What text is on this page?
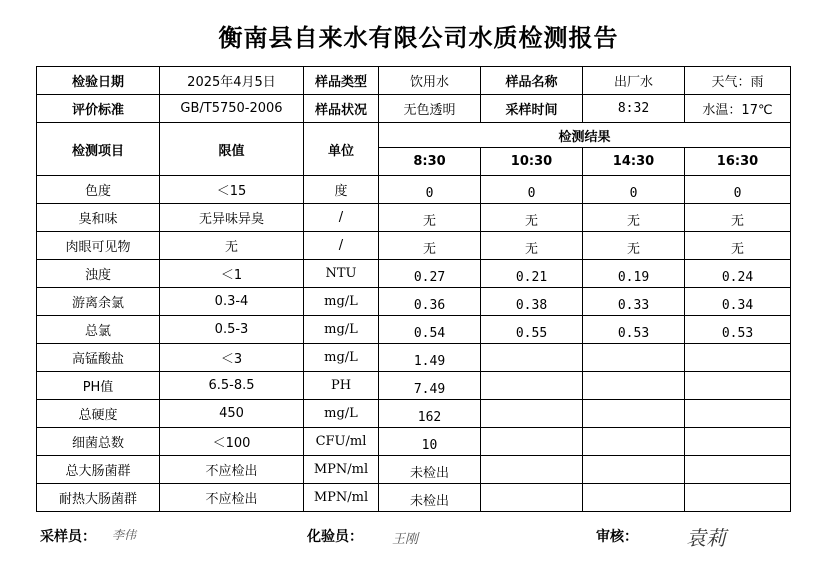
衡南县自来水有限公司水质检测报告
检验日期	2025年4月5日	样品类型	饮用水	样品名称	出厂水	天气：雨
评价标准	GB/T5750-2006	样品状况	无色透明	采样时间	8:32	水温：17℃
检测项目	限值	单位	检测结果			
			8:30	10:30	14:30	16:30
色度	＜15	度	0	0	0	0
臭和味	无异味异臭	/	无	无	无	无
肉眼可见物	无	/	无	无	无	无
浊度	＜1	NTU	0.27	0.21	0.19	0.24
游离余氯	0.3-4	mg/L	0.36	0.38	0.33	0.34
总氯	0.5-3	mg/L	0.54	0.55	0.53	0.53
高锰酸盐	＜3	mg/L	1.49			
PH值	6.5-8.5	PH	7.49			
总硬度	450	mg/L	162			
细菌总数	＜100	CFU/ml	10			
总大肠菌群	不应检出	MPN/ml	未检出			
耐热大肠菌群	不应检出	MPN/ml	未检出			
采样员： 李伟	化验员： 王刚	审核： 袁莉
